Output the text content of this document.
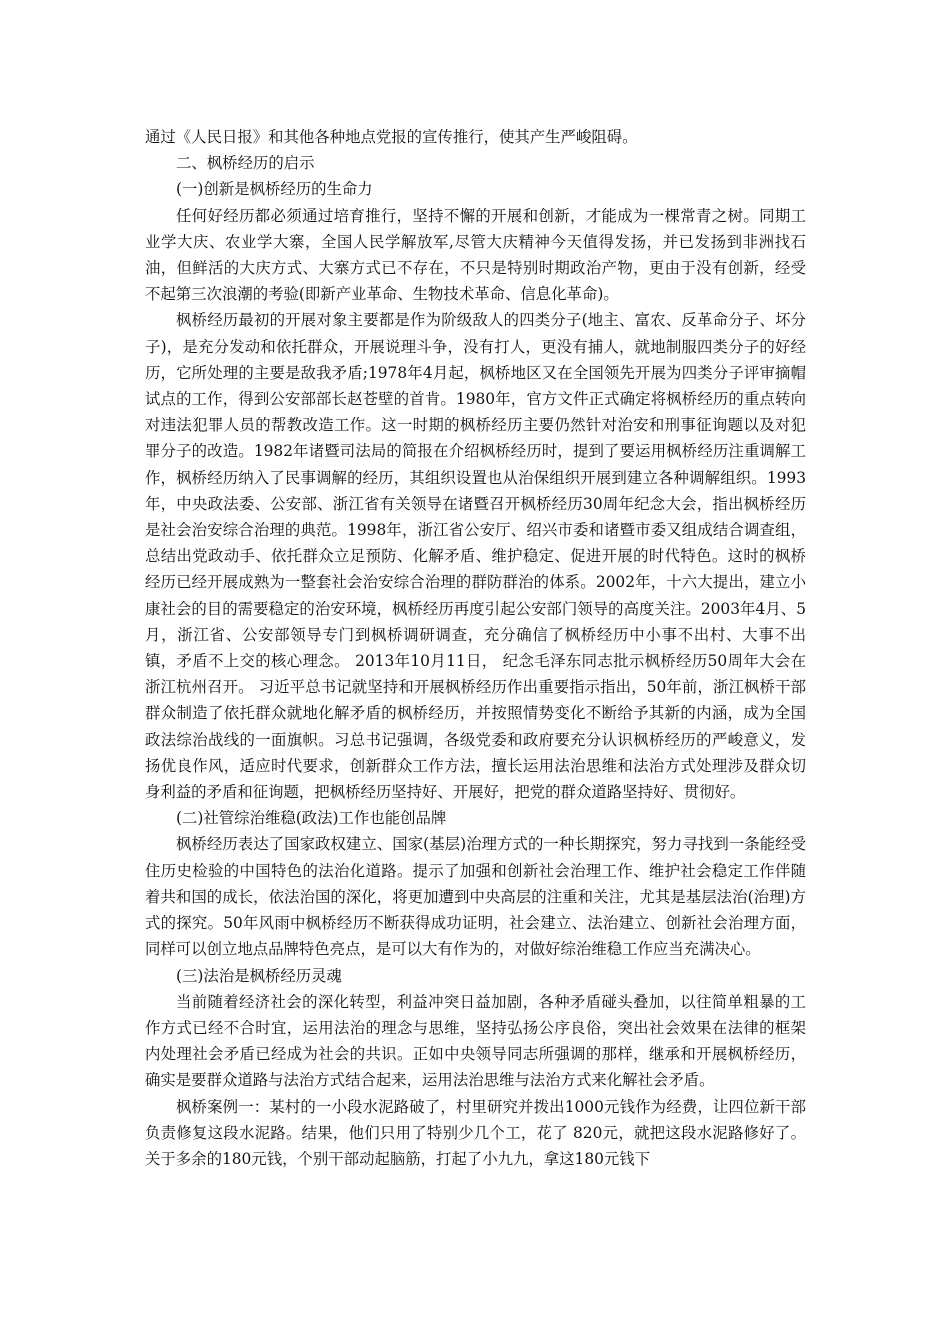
通过《人民日报》和其他各种地点党报的宣传推行，使其产生严峻阻碍。

二、枫桥经历的启示

(一)创新是枫桥经历的生命力

任何好经历都必须通过培育推行，坚持不懈的开展和创新，才能成为一棵常青之树。同期工业学大庆、农业学大寨，全国人民学解放军,尽管大庆精神今天值得发扬，并已发扬到非洲找石油，但鲜活的大庆方式、大寨方式已不存在，不只是特别时期政治产物，更由于没有创新，经受不起第三次浪潮的考验(即新产业革命、生物技术革命、信息化革命)。

枫桥经历最初的开展对象主要都是作为阶级敌人的四类分子(地主、富农、反革命分子、坏分子)，是充分发动和依托群众，开展说理斗争，没有打人，更没有捕人，就地制服四类分子的好经历，它所处理的主要是敌我矛盾;1978年4月起，枫桥地区又在全国领先开展为四类分子评审摘帽试点的工作，得到公安部部长赵苍壁的首肯。1980年，官方文件正式确定将枫桥经历的重点转向对违法犯罪人员的帮教改造工作。这一时期的枫桥经历主要仍然针对治安和刑事征询题以及对犯罪分子的改造。1982年诸暨司法局的简报在介绍枫桥经历时，提到了要运用枫桥经历注重调解工作，枫桥经历纳入了民事调解的经历，其组织设置也从治保组织开展到建立各种调解组织。1993年，中央政法委、公安部、浙江省有关领导在诸暨召开枫桥经历30周年纪念大会，指出枫桥经历是社会治安综合治理的典范。1998年，浙江省公安厅、绍兴市委和诸暨市委又组成结合调查组，总结出党政动手、依托群众立足预防、化解矛盾、维护稳定、促进开展的时代特色。这时的枫桥经历已经开展成熟为一整套社会治安综合治理的群防群治的体系。2002年，十六大提出，建立小康社会的目的需要稳定的治安环境，枫桥经历再度引起公安部门领导的高度关注。2003年4月、5月，浙江省、公安部领导专门到枫桥调研调查，充分确信了枫桥经历中小事不出村、大事不出镇，矛盾不上交的核心理念。 2013年10月11日， 纪念毛泽东同志批示枫桥经历50周年大会在浙江杭州召开。 习近平总书记就坚持和开展枫桥经历作出重要指示指出，50年前，浙江枫桥干部群众制造了依托群众就地化解矛盾的枫桥经历，并按照情势变化不断给予其新的内涵，成为全国政法综治战线的一面旗帜。习总书记强调，各级党委和政府要充分认识枫桥经历的严峻意义，发扬优良作风，适应时代要求，创新群众工作方法，擅长运用法治思维和法治方式处理涉及群众切身利益的矛盾和征询题，把枫桥经历坚持好、开展好，把党的群众道路坚持好、贯彻好。

(二)社管综治维稳(政法)工作也能创品牌

枫桥经历表达了国家政权建立、国家(基层)治理方式的一种长期探究，努力寻找到一条能经受住历史检验的中国特色的法治化道路。提示了加强和创新社会治理工作、维护社会稳定工作伴随着共和国的成长，依法治国的深化，将更加遭到中央高层的注重和关注，尤其是基层法治(治理)方式的探究。50年风雨中枫桥经历不断获得成功证明，社会建立、法治建立、创新社会治理方面，同样可以创立地点品牌特色亮点，是可以大有作为的，对做好综治维稳工作应当充满决心。

(三)法治是枫桥经历灵魂

当前随着经济社会的深化转型，利益冲突日益加剧，各种矛盾碰头叠加，以往简单粗暴的工作方式已经不合时宜，运用法治的理念与思维，坚持弘扬公序良俗，突出社会效果在法律的框架内处理社会矛盾已经成为社会的共识。正如中央领导同志所强调的那样，继承和开展枫桥经历，确实是要群众道路与法治方式结合起来，运用法治思维与法治方式来化解社会矛盾。

枫桥案例一：某村的一小段水泥路破了，村里研究并拨出1000元钱作为经费，让四位新干部负责修复这段水泥路。结果，他们只用了特别少几个工，花了 820元，就把这段水泥路修好了。关于多余的180元钱，个别干部动起脑筋，打起了小九九，拿这180元钱下
